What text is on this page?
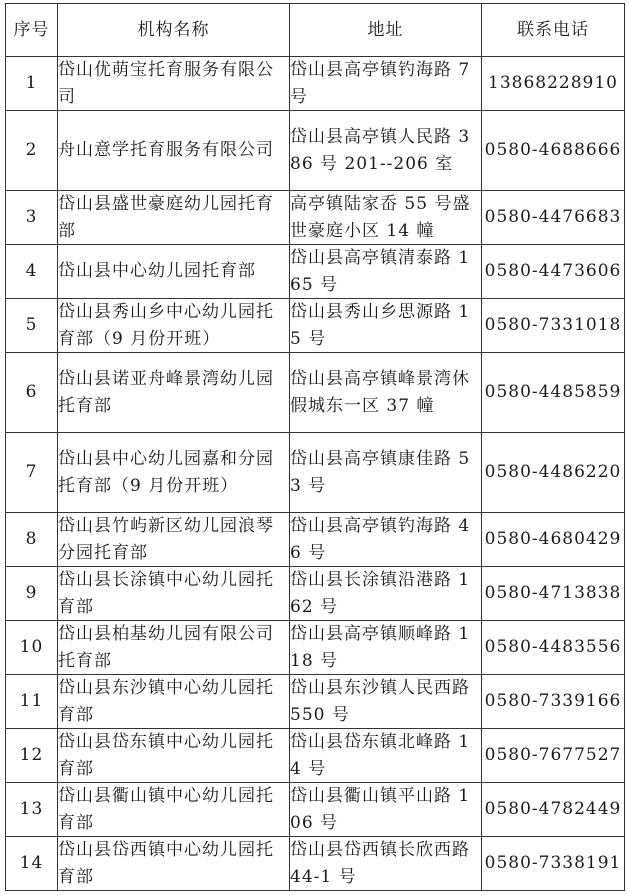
序号	机构名称	地址	联系电话
1	岱山优萌宝托育服务有限公司	岱山县高亭镇钓海路 7 号	13868228910
2	舟山意学托育服务有限公司	岱山县高亭镇人民路 386 号 201--206 室	0580-4688666
3	岱山县盛世豪庭幼儿园托育部	高亭镇陆家岙 55 号盛世豪庭小区 14 幢	0580-4476683
4	岱山县中心幼儿园托育部	岱山县高亭镇清泰路 165 号	0580-4473606
5	岱山县秀山乡中心幼儿园托育部（9 月份开班）	岱山县秀山乡思源路 15 号	0580-7331018
6	岱山县诺亚舟峰景湾幼儿园托育部	岱山县高亭镇峰景湾休假城东一区 37 幢	0580-4485859
7	岱山县中心幼儿园嘉和分园托育部（9 月份开班）	岱山县高亭镇康佳路 53 号	0580-4486220
8	岱山县竹屿新区幼儿园浪琴分园托育部	岱山县高亭镇钓海路 46 号	0580-4680429
9	岱山县长涂镇中心幼儿园托育部	岱山县长涂镇沿港路 162 号	0580-4713838
10	岱山县柏基幼儿园有限公司托育部	岱山县高亭镇顺峰路 118 号	0580-4483556
11	岱山县东沙镇中心幼儿园托育部	岱山县东沙镇人民西路 550 号	0580-7339166
12	岱山县岱东镇中心幼儿园托育部	岱山县岱东镇北峰路 14 号	0580-7677527
13	岱山县衢山镇中心幼儿园托育部	岱山县衢山镇平山路 106 号	0580-4782449
14	岱山县岱西镇中心幼儿园托育部	岱山县岱西镇长欣西路 44-1 号	0580-7338191
